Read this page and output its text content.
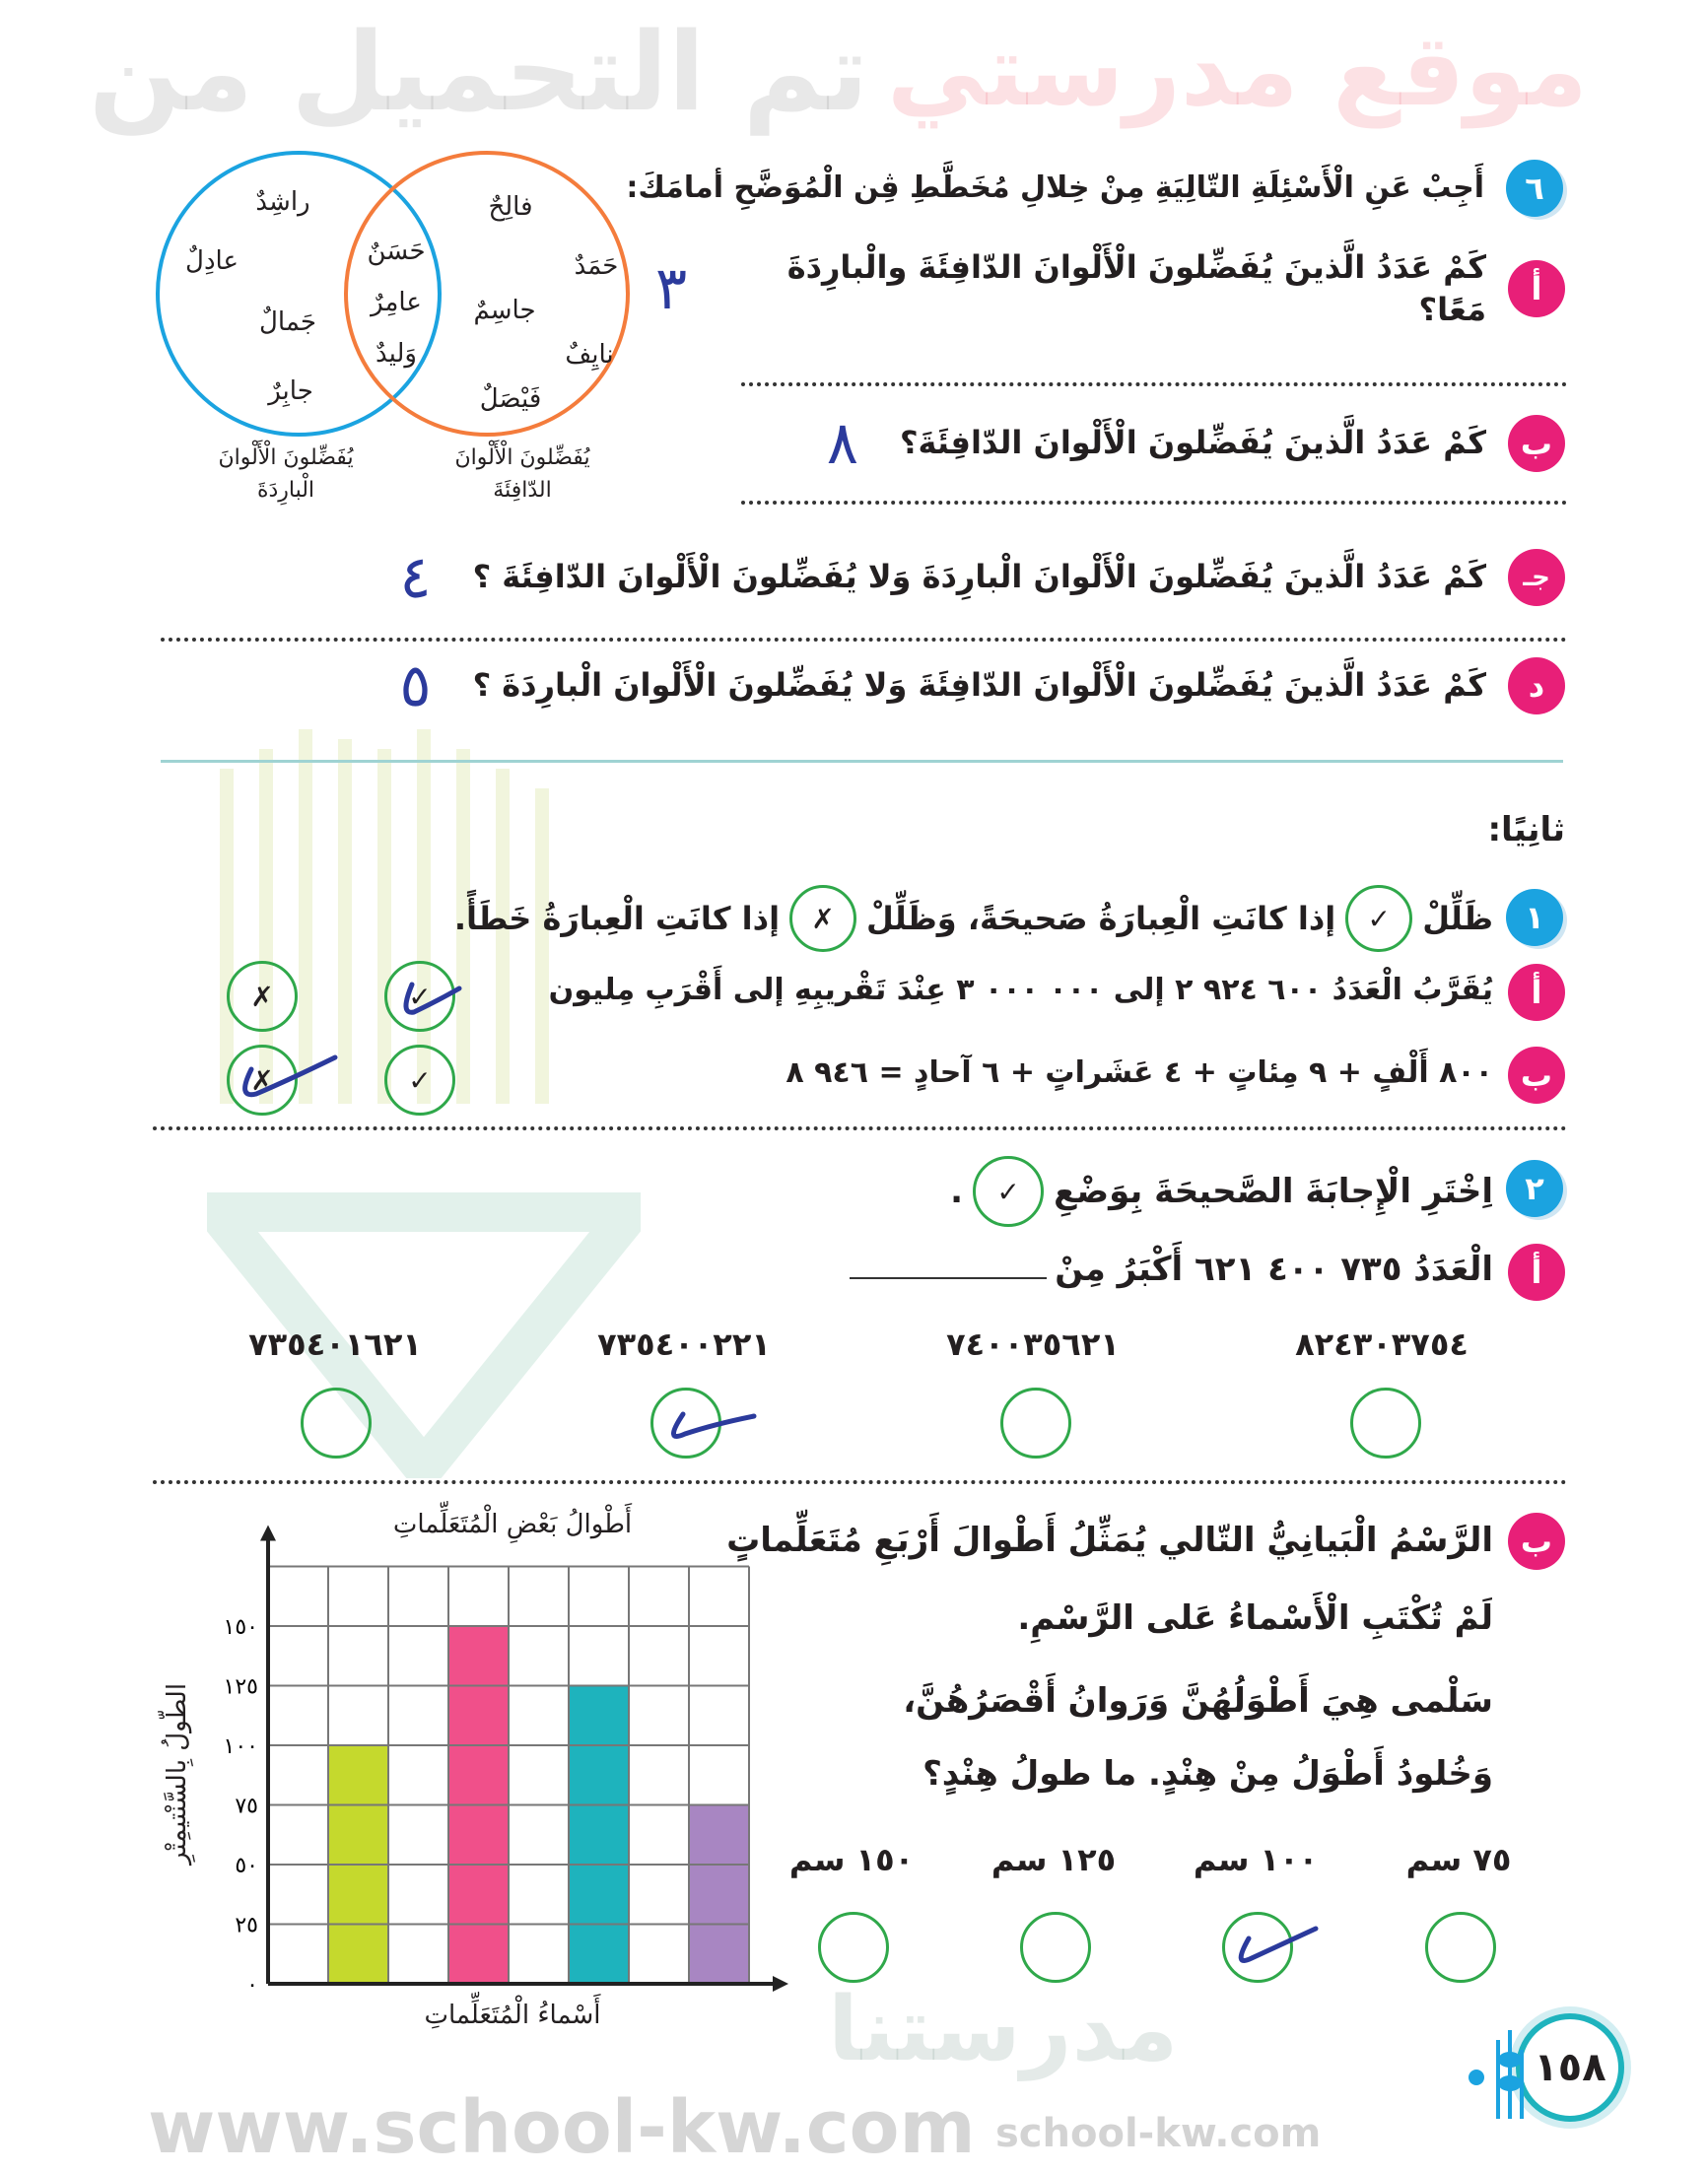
تم التحميل من موقع مدرستي
مدرستنا
school-kw.com
www.school-kw.com
٦
أَجِبْ عَنِ الْأَسْئِلَةِ التّالِيَةِ مِنْ خِلالِ مُخَطَّطِ ڤِن الْمُوَضَّحِ أمامَكَ:
أ
كَمْ عَدَدُ الَّذينَ يُفَضِّلونَ الْأَلْوانَ الدّافِئَةَ والْبارِدَةَ مَعًا؟
٣
ب
كَمْ عَدَدُ الَّذينَ يُفَضِّلونَ الْأَلْوانَ الدّافِئَةَ؟
٨
جـ
كَمْ عَدَدُ الَّذينَ يُفَضِّلونَ الْأَلْوانَ الْبارِدَةَ وَلا يُفَضِّلونَ الْأَلْوانَ الدّافِئَةَ ؟
٤
د
كَمْ عَدَدُ الَّذينَ يُفَضِّلونَ الْأَلْوانَ الدّافِئَةَ وَلا يُفَضِّلونَ الْأَلْوانَ الْبارِدَةَ ؟
٥
راشِدٌ
عادِلٌ
جَمالٌ
جابِرٌ
حَسَنٌ
عامِرٌ
وَليدٌ
فالِحٌ
حَمَدٌ
جاسِمٌ
نايِفٌ
فَيْصَلٌ
يُفَضِّلونَ الْأَلْوانَ
الْبارِدَةَ
يُفَضِّلونَ الْأَلْوانَ
الدّافِئَةَ
ثانِيًا:
١
ظَلِّلْ
✓
إذا كانَتِ الْعِبارَةُ صَحيحَةً، وَظَلِّلْ
✗
إذا كانَتِ الْعِبارَةُ خَطَأً.
أ
يُقَرَّبُ الْعَدَدُ ٦٠٠ ٩٢٤ ٢ إلى ٠٠٠ ٠٠٠ ٣ عِنْدَ تَقْريبِهِ إلى أَقْرَبِ مِليون
✓
✗
ب
٨٠٠ أَلْفٍ + ٩ مِئاتٍ + ٤ عَشَراتٍ + ٦ آحادٍ = ٩٤٦ ٨
✓
✗
٢
اِخْتَرِ الْإِجابَةَ الصَّحيحَةَ بِوَضْعِ
✓
.
أ
الْعَدَدُ ٧٣٥ ٤٠٠ ٦٢١ أَكْبَرُ مِنْ
٨٢٤٣٠٣٧٥٤
٧٤٠٠٣٥٦٢١
٧٣٥٤٠٠٢٢١
٧٣٥٤٠١٦٢١
ب
الرَّسْمُ الْبَيانِيُّ التّالي يُمَثِّلُ أَطْوالَ أَرْبَعِ مُتَعَلِّماتٍ
لَمْ تُكْتَبِ الْأَسْماءُ عَلى الرَّسْمِ.
سَلْمى هِيَ أَطْوَلُهُنَّ وَرَوانُ أَقْصَرُهُنَّ،
وَخُلودُ أَطْوَلُ مِنْ هِنْدٍ. ما طولُ هِنْدٍ؟
٧٥ سم
١٠٠ سم
١٢٥ سم
١٥٠ سم
٠
٢٥
٥٠
٧٥
١٠٠
١٢٥
١٥٠
أَطْوالُ بَعْضِ الْمُتَعَلِّماتِ
أَسْماءُ الْمُتَعَلِّماتِ
الطّولُ بِالسَّنْتيمِتْرِ
١٥٨
